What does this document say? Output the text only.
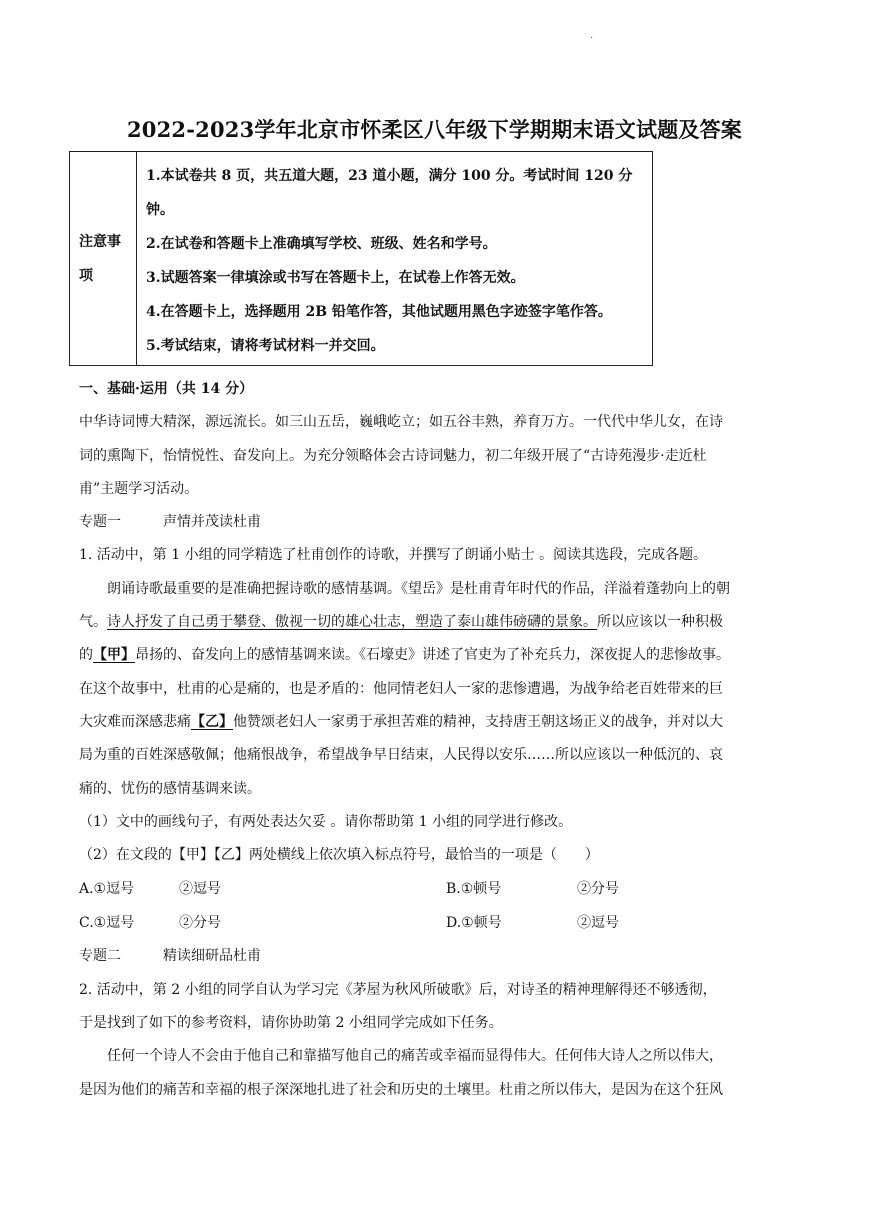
.
2022-2023学年北京市怀柔区八年级下学期期末语文试题及答案
注意事
项
1.本试卷共 8 页，共五道大题，23 道小题，满分 100 分。考试时间 120 分
钟。
2.在试卷和答题卡上准确填写学校、班级、姓名和学号。
3.试题答案一律填涂或书写在答题卡上，在试卷上作答无效。
4.在答题卡上，选择题用 2B 铅笔作答，其他试题用黑色字迹签字笔作答。
5.考试结束，请将考试材料一并交回。
一、基础·运用（共 14 分）
中华诗词博大精深，源远流长。如三山五岳，巍峨屹立；如五谷丰熟，养育万方。一代代中华儿女，在诗
词的熏陶下，怡情悦性、奋发向上。为充分领略体会古诗词魅力，初二年级开展了“古诗苑漫步·走近杜
甫”主题学习活动。
专题一	声情并茂读杜甫
1. 活动中，第 1 小组的同学精选了杜甫创作的诗歌，并撰写了朗诵小贴士 。阅读其选段，完成各题。
朗诵诗歌最重要的是准确把握诗歌的感情基调。《望岳》是杜甫青年时代的作品，洋溢着蓬勃向上的朝
气。诗人抒发了自己勇于攀登、傲视一切的雄心壮志，塑造了泰山雄伟磅礴的景象。所以应该以一种积极
的【甲】昂扬的、奋发向上的感情基调来读。《石壕吏》讲述了官吏为了补充兵力，深夜捉人的悲惨故事。
在这个故事中，杜甫的心是痛的，也是矛盾的：他同情老妇人一家的悲惨遭遇，为战争给老百姓带来的巨
大灾难而深感悲痛【乙】他赞颂老妇人一家勇于承担苦难的精神，支持唐王朝这场正义的战争，并对以大
局为重的百姓深感敬佩；他痛恨战争，希望战争早日结束，人民得以安乐……所以应该以一种低沉的、哀
痛的、忧伤的感情基调来读。
（1）文中的画线句子，有两处表达欠妥 。请你帮助第 1 小组的同学进行修改。
（2）在文段的【甲】【乙】两处横线上依次填入标点符号，最恰当的一项是（　　）
A.①逗号	②逗号	B.①顿号	②分号
C.①逗号	②分号	D.①顿号	②逗号
专题二	精读细研品杜甫
2. 活动中，第 2 小组的同学自认为学习完《茅屋为秋风所破歌》后，对诗圣的精神理解得还不够透彻，
于是找到了如下的参考资料，请你协助第 2 小组同学完成如下任务。
任何一个诗人不会由于他自己和靠描写他自己的痛苦或幸福而显得伟大。任何伟大诗人之所以伟大，
是因为他们的痛苦和幸福的根子深深地扎进了社会和历史的土壤里。杜甫之所以伟大，是因为在这个狂风
